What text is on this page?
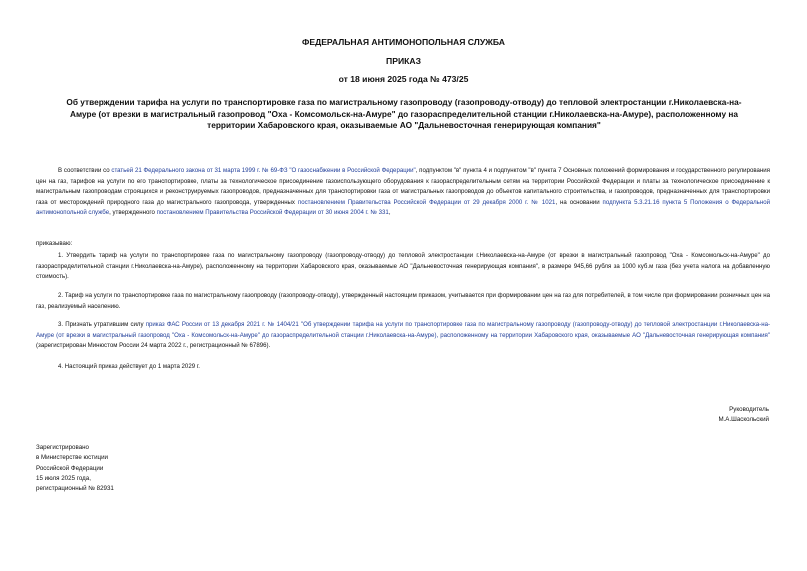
ФЕДЕРАЛЬНАЯ АНТИМОНОПОЛЬНАЯ СЛУЖБА
ПРИКАЗ
от 18 июня 2025 года № 473/25
Об утверждении тарифа на услуги по транспортировке газа по магистральному газопроводу (газопроводу-отводу) до тепловой электростанции г.Николаевска-на-Амуре (от врезки в магистральный газопровод "Оха - Комсомольск-на-Амуре" до газораспределительной станции г.Николаевска-на-Амуре), расположенному на территории Хабаровского края, оказываемые АО "Дальневосточная генерирующая компания"
В соответствии со статьей 21 Федерального закона от 31 марта 1999 г. № 69-ФЗ "О газоснабжении в Российской Федерации", подпунктом "в" пункта 4 и подпунктом "в" пункта 7 Основных положений формирования и государственного регулирования цен на газ, тарифов на услуги по его транспортировке, платы за технологическое присоединение газоиспользующего оборудования к газораспределительным сетям на территории Российской Федерации и платы за технологическое присоединение к магистральным газопроводам строящихся и реконструируемых газопроводов, предназначенных для транспортировки газа от магистральных газопроводов до объектов капитального строительства, и газопроводов, предназначенных для транспортировки газа от месторождений природного газа до магистрального газопровода, утвержденных постановлением Правительства Российской Федерации от 29 декабря 2000 г. № 1021, на основании подпункта 5.3.21.16 пункта 5 Положения о Федеральной антимонопольной службе, утвержденного постановлением Правительства Российской Федерации от 30 июня 2004 г. № 331,
приказываю:
1. Утвердить тариф на услуги по транспортировке газа по магистральному газопроводу (газопроводу-отводу) до тепловой электростанции г.Николаевска-на-Амуре (от врезки в магистральный газопровод "Оха - Комсомольск-на-Амуре" до газораспределительной станции г.Николаевска-на-Амуре), расположенному на территории Хабаровского края, оказываемые АО "Дальневосточная генерирующая компания", в размере 945,66 рубля за 1000 куб.м газа (без учета налога на добавленную стоимость).
2. Тариф на услуги по транспортировке газа по магистральному газопроводу (газопроводу-отводу), утвержденный настоящим приказом, учитывается при формировании цен на газ для потребителей, в том числе при формировании розничных цен на газ, реализуемый населению.
3. Признать утратившим силу приказ ФАС России от 13 декабря 2021 г. № 1404/21 "Об утверждении тарифа на услуги по транспортировке газа по магистральному газопроводу (газопроводу-отводу) до тепловой электростанции г.Николаевска-на-Амуре (от врезки в магистральный газопровод "Оха - Комсомольск-на-Амуре" до газораспределительной станции г.Николаевска-на-Амуре), расположенному на территории Хабаровского края, оказываемые АО "Дальневосточная генерирующая компания" (зарегистрирован Минюстом России 24 марта 2022 г., регистрационный № 67896).
4. Настоящий приказ действует до 1 марта 2029 г.
Руководитель
М.А.Шаскольский
Зарегистрировано
в Министерстве юстиции
Российской Федерации
15 июля 2025 года,
регистрационный № 82931
